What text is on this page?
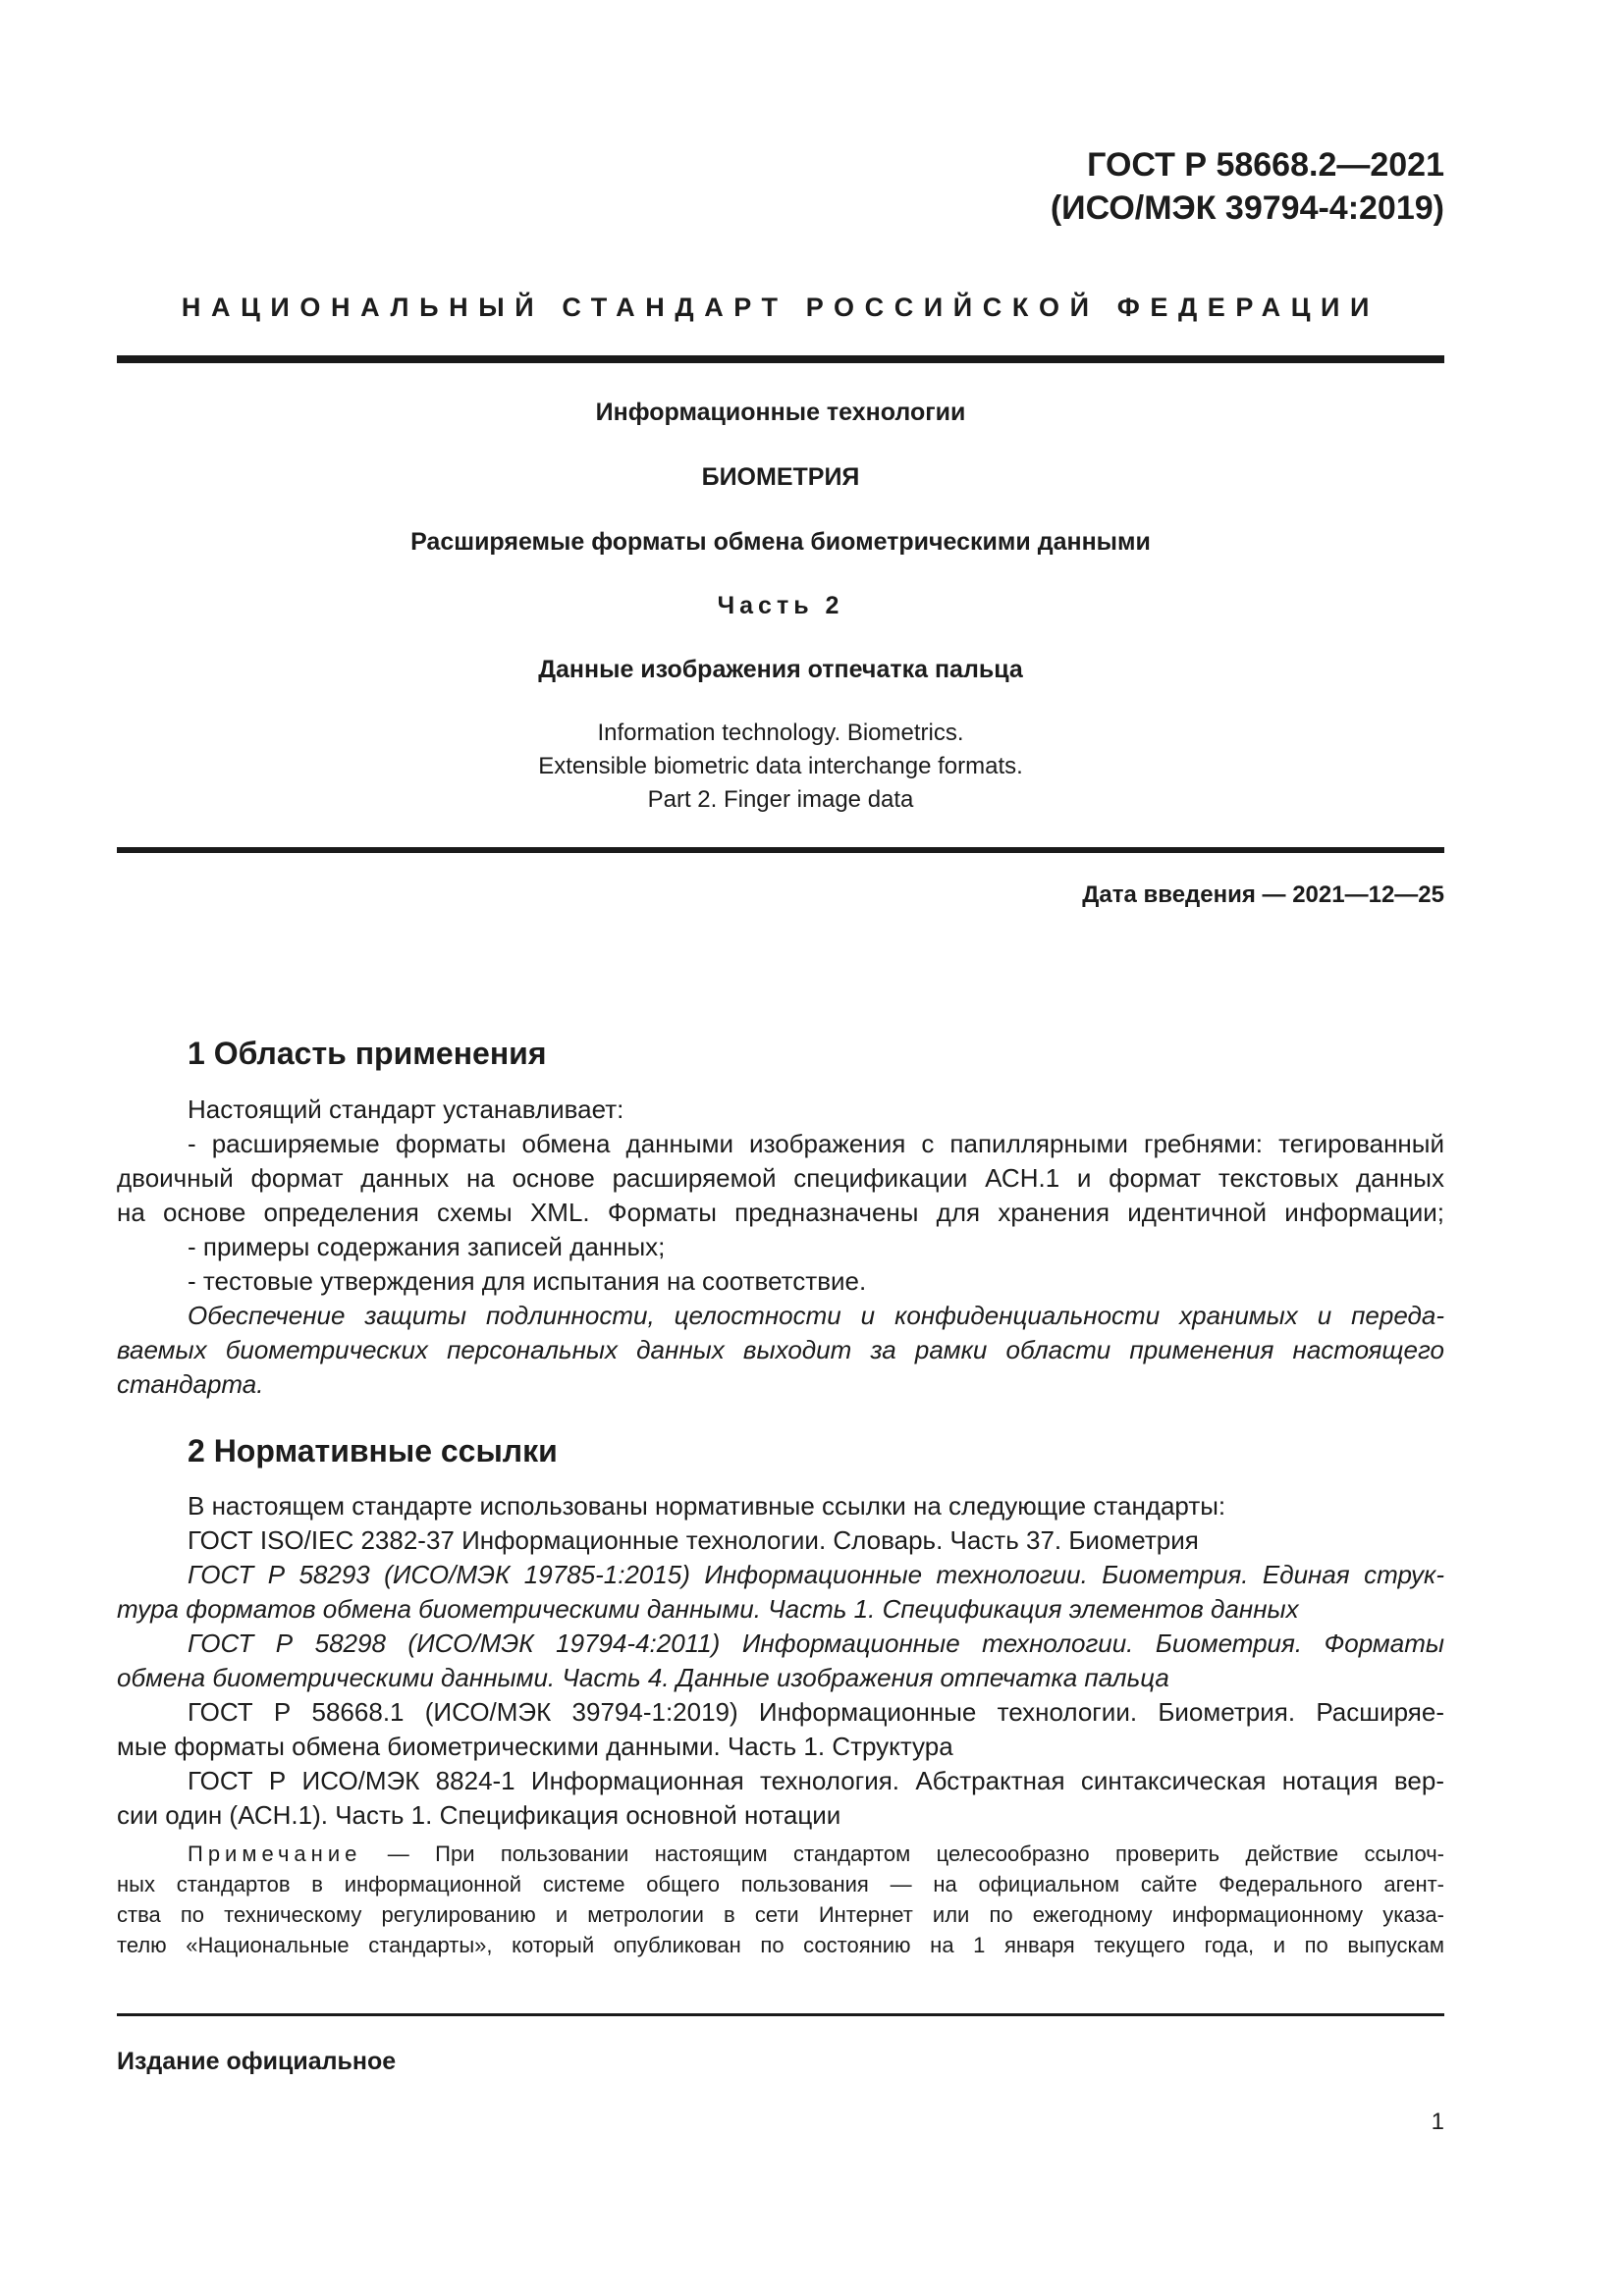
ГОСТ Р 58668.2—2021
(ИСО/МЭК 39794-4:2019)
НАЦИОНАЛЬНЫЙ СТАНДАРТ РОССИЙСКОЙ ФЕДЕРАЦИИ
Информационные технологии
БИОМЕТРИЯ
Расширяемые форматы обмена биометрическими данными
Часть 2
Данные изображения отпечатка пальца
Information technology. Biometrics.
Extensible biometric data interchange formats.
Part 2. Finger image data
Дата введения — 2021—12—25
1 Область применения

Настоящий стандарт устанавливает:

- расширяемые форматы обмена данными изображения с папиллярными гребнями: тегированный

двоичный формат данных на основе расширяемой спецификации АСН.1 и формат текстовых данных

на основе определения схемы XML. Форматы предназначены для хранения идентичной информации;

- примеры содержания записей данных;

- тестовые утверждения для испытания на соответствие.

Обеспечение защиты подлинности, целостности и конфиденциальности хранимых и переда-

ваемых биометрических персональных данных выходит за рамки области применения настоящего

стандарта.

2 Нормативные ссылки

В настоящем стандарте использованы нормативные ссылки на следующие стандарты:

ГОСТ ISO/IEC 2382-37 Информационные технологии. Словарь. Часть 37. Биометрия

ГОСТ Р 58293 (ИСО/МЭК 19785-1:2015) Информационные технологии. Биометрия. Единая струк-

тура форматов обмена биометрическими данными. Часть 1. Спецификация элементов данных

ГОСТ Р 58298 (ИСО/МЭК 19794-4:2011) Информационные технологии. Биометрия. Форматы

обмена биометрическими данными. Часть 4. Данные изображения отпечатка пальца

ГОСТ Р 58668.1 (ИСО/МЭК 39794-1:2019) Информационные технологии. Биометрия. Расширяе-

мые форматы обмена биометрическими данными. Часть 1. Структура

ГОСТ Р ИСО/МЭК 8824-1 Информационная технология. Абстрактная синтаксическая нотация вер-

сии один (АСН.1). Часть 1. Спецификация основной нотации

Примечание — При пользовании настоящим стандартом целесообразно проверить действие ссылоч-

ных стандартов в информационной системе общего пользования — на официальном сайте Федерального агент-

ства по техническому регулированию и метрологии в сети Интернет или по ежегодному информационному указа-

телю «Национальные стандарты», который опубликован по состоянию на 1 января текущего года, и по выпускам

Издание официальное
1
